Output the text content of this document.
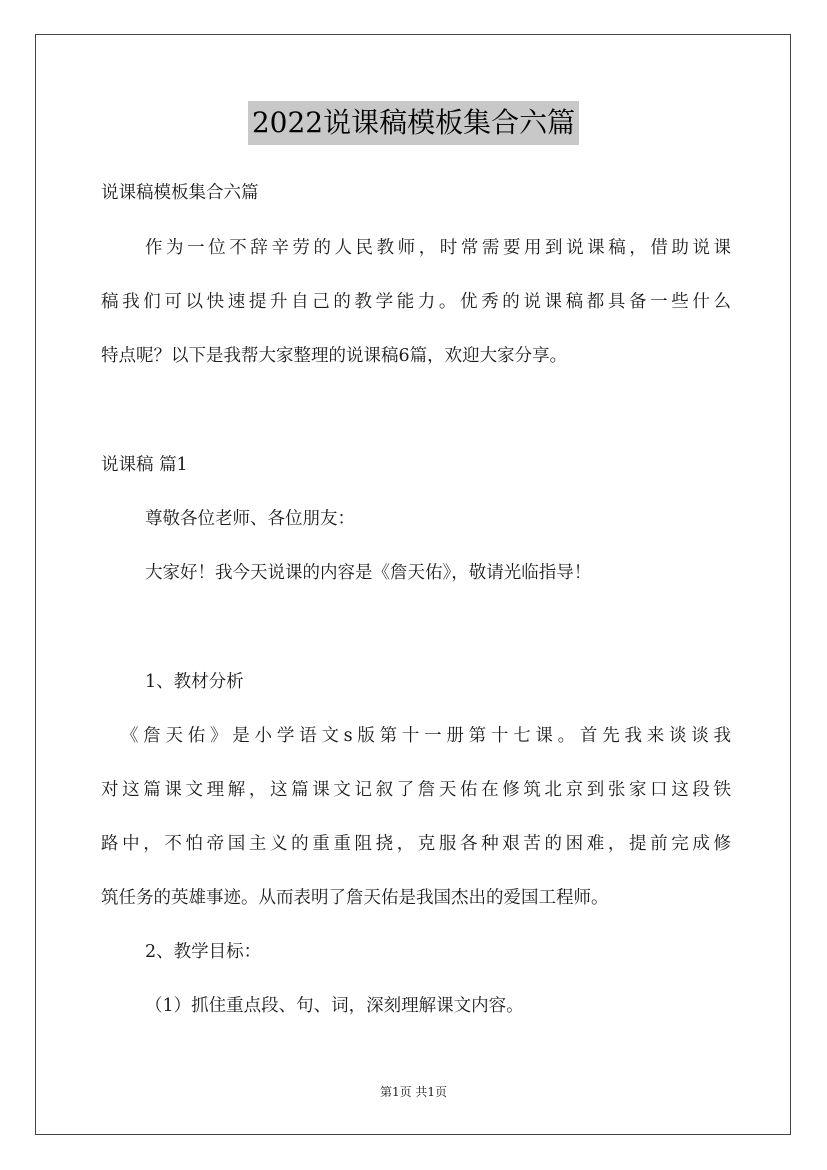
2022说课稿模板集合六篇
说课稿模板集合六篇
作为一位不辞辛劳的人民教师，时常需要用到说课稿，借助说课
稿我们可以快速提升自己的教学能力。优秀的说课稿都具备一些什么
特点呢？以下是我帮大家整理的说课稿6篇，欢迎大家分享。
说课稿 篇1
尊敬各位老师、各位朋友：
大家好！我今天说课的内容是《詹天佑》，敬请光临指导！
1、教材分析
《詹天佑》是小学语文s版第十一册第十七课。首先我来谈谈我
对这篇课文理解，这篇课文记叙了詹天佑在修筑北京到张家口这段铁
路中，不怕帝国主义的重重阻挠，克服各种艰苦的困难，提前完成修
筑任务的英雄事迹。从而表明了詹天佑是我国杰出的爱国工程师。
2、教学目标：
（1）抓住重点段、句、词，深刻理解课文内容。
第1页 共1页
